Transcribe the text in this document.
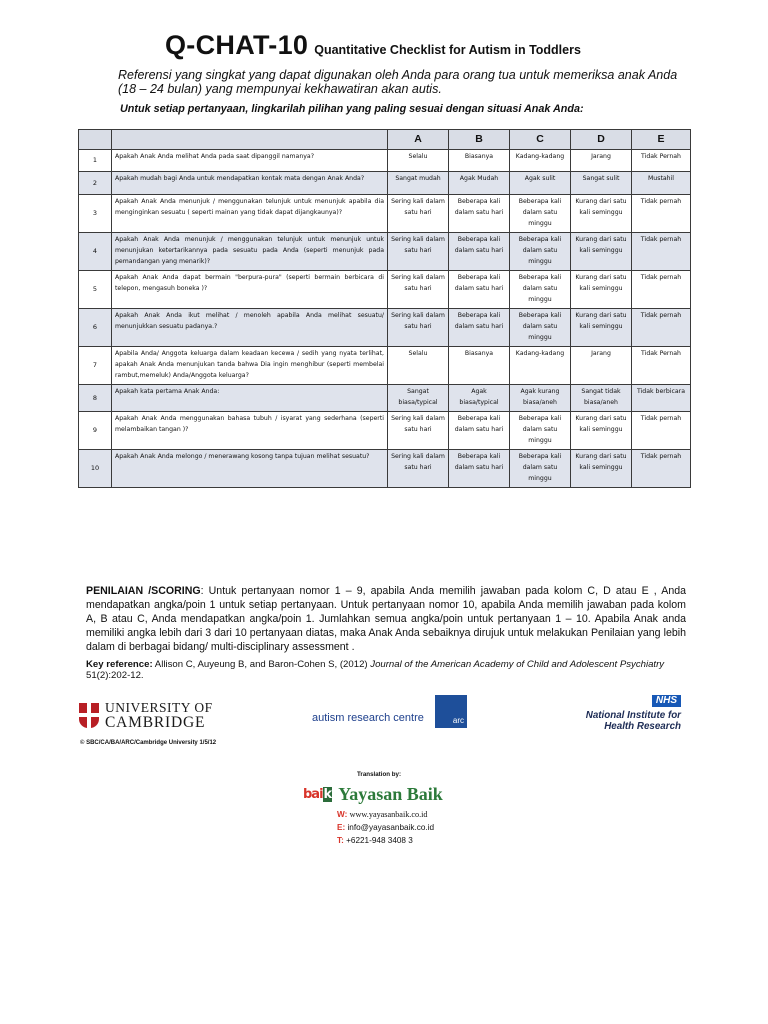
Q-CHAT-10 Quantitative Checklist for Autism in Toddlers
Referensi yang singkat yang dapat digunakan oleh Anda para orang tua untuk memeriksa anak Anda (18 – 24 bulan) yang mempunyai kekhawatiran akan autis.
Untuk setiap pertanyaan, lingkarilah pilihan yang paling sesuai dengan situasi Anak Anda:
		A	B	C	D	E
1	Apakah Anak Anda melihat Anda pada saat dipanggil namanya?	Selalu	Biasanya	Kadang-kadang	Jarang	Tidak Pernah
2	Apakah mudah bagi Anda untuk mendapatkan kontak mata dengan Anak Anda?	Sangat mudah	Agak Mudah	Agak sulit	Sangat sulit	Mustahil
3	Apakah Anak Anda menunjuk / menggunakan telunjuk untuk menunjuk apabila dia menginginkan sesuatu ( seperti mainan yang tidak dapat dijangkaunya)?	Sering kali dalam satu hari	Beberapa kali dalam satu hari	Beberapa kali dalam satu minggu	Kurang dari satu kali seminggu	Tidak pernah
4	Apakah Anak Anda menunjuk / menggunakan telunjuk untuk menunjuk untuk menunjukan ketertarikannya pada sesuatu pada Anda (seperti menunjuk pada pemandangan yang menarik)?	Sering kali dalam satu hari	Beberapa kali dalam satu hari	Beberapa kali dalam satu minggu	Kurang dari satu kali seminggu	Tidak pernah
5	Apakah Anak Anda dapat bermain "berpura-pura" (seperti bermain berbicara di telepon, mengasuh boneka )?	Sering kali dalam satu hari	Beberapa kali dalam satu hari	Beberapa kali dalam satu minggu	Kurang dari satu kali seminggu	Tidak pernah
6	Apakah Anak Anda ikut melihat / menoleh apabila Anda melihat sesuatu/ menunjukkan sesuatu padanya.?	Sering kali dalam satu hari	Beberapa kali dalam satu hari	Beberapa kali dalam satu minggu	Kurang dari satu kali seminggu	Tidak pernah
7	Apabila Anda/ Anggota keluarga dalam keadaan kecewa / sedih yang nyata terlihat, apakah Anak Anda menunjukan tanda bahwa Dia ingin menghibur (seperti membelai rambut,memeluk) Anda/Anggota keluarga?	Selalu	Biasanya	Kadang-kadang	Jarang	Tidak Pernah
8	Apakah kata pertama Anak Anda:	Sangat biasa/typical	Agak biasa/typical	Agak kurang biasa/aneh	Sangat tidak biasa/aneh	Tidak berbicara
9	Apakah Anak Anda menggunakan bahasa tubuh / isyarat yang sederhana (seperti melambaikan tangan )?	Sering kali dalam satu hari	Beberapa kali dalam satu hari	Beberapa kali dalam satu minggu	Kurang dari satu kali seminggu	Tidak pernah
10	Apakah Anak Anda melongo / menerawang kosong tanpa tujuan melihat sesuatu?	Sering kali dalam satu hari	Beberapa kali dalam satu hari	Beberapa kali dalam satu minggu	Kurang dari satu kali seminggu	Tidak pernah
PENILAIAN /SCORING: Untuk pertanyaan nomor 1 – 9, apabila Anda memilih jawaban pada kolom C, D atau E , Anda mendapatkan angka/poin 1 untuk setiap pertanyaan. Untuk pertanyaan nomor 10, apabila Anda memilih jawaban pada kolom A, B atau C, Anda mendapatkan angka/poin 1. Jumlahkan semua angka/poin untuk pertanyaan 1 – 10. Apabila Anak anda memiliki angka lebih dari 3 dari 10 pertanyaan diatas, maka Anak Anda sebaiknya dirujuk untuk melakukan Penilaian yang lebih dalam di berbagai bidang/ multi-disciplinary assessment .
Key reference: Allison C, Auyeung B, and Baron-Cohen S, (2012) Journal of the American Academy of Child and Adolescent Psychiatry 51(2):202-12.
UNIVERSITY OF
CAMBRIDGE	autism research centre	arc
NHS
National Institute for
Health Research
© SBC/CA/BA/ARC/Cambridge University 1/5/12
Translation by:
baik Yayasan Baik
W: www.yayasanbaik.co.id
E: info@yayasanbaik.co.id
T: +6221-948 3408 3
